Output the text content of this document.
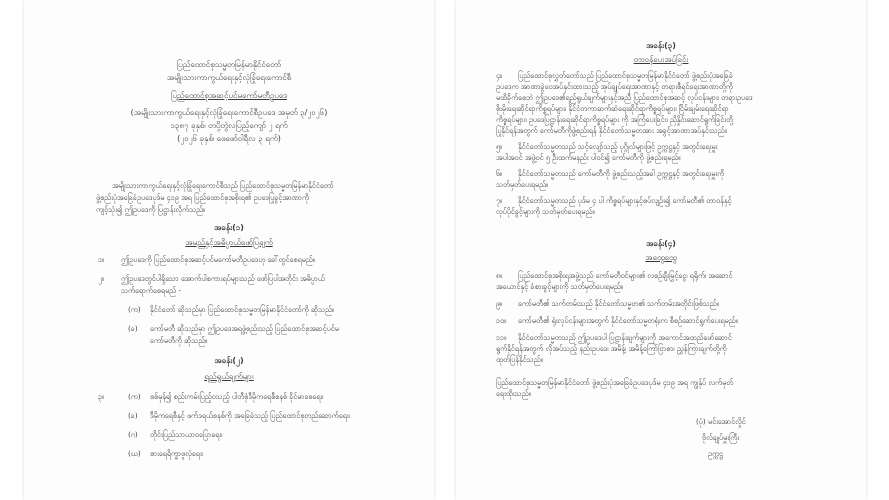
ပြည်ထောင်စုသမ္မတမြန်မာနိုင်ငံတော်
အမျိုးသားကာကွယ်ရေးနှင့်လုံခြုံရေးကောင်စီ
ပြည်ထောင်စုအဆင့်ပင်မကော်မတီဥပဒေ
(အမျိုးသားကာကွယ်ရေးနှင့်လုံခြုံရေးကောင်စီဥပဒေ အမှတ် ၃/၂၀၂၆)
၁၃၈၇ ခုနှစ်၊ တပို့တွဲလပြည့်ကျော် ၂ ရက်
(၂၀၂၆ ခုနှစ်၊ ဖေဖော်ဝါရီလ ၃ ရက်)
အမျိုးသားကာကွယ်ရေးနှင့်လုံခြုံရေးကောင်စီသည် ပြည်ထောင်စုသမ္မတမြန်မာနိုင်ငံတော်
ဖွဲ့စည်းပုံအခြေခံဥပဒေပုဒ်မ ၄၁၉ အရ ပြည်ထောင်စုအစိုးရ၏ ဥပဒေပြုခွင့်အာဏာကို
ကျင့်သုံး၍ ဤဥပဒေကို ပြဋ္ဌာန်းလိုက်သည်။
အခန်း(၁)
အမည်နှင့်အဓိပ္ပာယ်ဖော်ပြချက်
၁။ ဤဥပဒေကို ပြည်ထောင်စုအဆင့်ပင်မကော်မတီဥပဒေဟု ခေါ်တွင်စေရမည်။
၂။ ဤဥပဒေတွင်ပါရှိသော အောက်ပါစကားရပ်များသည် ဖော်ပြပါအတိုင်း အဓိပ္ပာယ်
သက်ရောက်စေရမည် -
(က) နိုင်ငံတော် ဆိုသည်မှာ ပြည်ထောင်စုသမ္မတမြန်မာနိုင်ငံတော်ကို ဆိုသည်။
(ခ) ကော်မတီ ဆိုသည်မှာ ဤဥပဒေအရဖွဲ့စည်းသည့် ပြည်ထောင်စုအဆင့်ပင်မ
ကော်မတီကို ဆိုသည်။
အခန်း(၂)
ရည်ရွယ်ချက်များ
၃။	(က) စစ်မှန်၍ စည်းကမ်းပြည့်ဝသည့် ပါတီစုံဒီမိုကရေစီစနစ် ခိုင်မာစေရေး၊
(ခ) ဒီမိုကရေစီနှင့် ဖက်ဒရယ်စနစ်ကို အခြေခံသည့် ပြည်ထောင်စုတည်ဆောက်ရေး၊
(ဂ) တိုင်းပြည်သာယာဝပြောရေး၊
(ဃ) စားရေရိက္ခာဖူလုံရေး၊
အခန်း(၃)
တာဝန်ပေးအပ်ခြင်း
၄။ ပြည်ထောင်စုလွှတ်တော်သည် ပြည်ထောင်စုသမ္မတမြန်မာနိုင်ငံတော် ဖွဲ့စည်းပုံအခြေခံ
ဥပဒေက အာဏာခွဲဝေအပ်နှင်းထားသည့် အုပ်ချုပ်ရေးအာဏာနှင့် တရားစီရင်ရေးအာဏာတို့ကို
မထိခိုက်စေဘဲ ဤဥပဒေ၏ရည်ရွယ်ချက်များနှင့်အညီ ပြည်ထောင်စုအဆင့် လုပ်ငန်းများ၊ တရားဥပဒေ
စိုးမိုးရေးဆိုင်ရာကိစ္စရပ်များ၊ နိုင်ငံတကာဆက်ဆံရေးဆိုင်ရာကိစ္စရပ်များ၊ ငြိမ်းချမ်းရေးဆိုင်ရာ
ကိစ္စရပ်များ၊ ဥပဒေပြဋ္ဌာန်းရေးဆိုင်ရာကိစ္စရပ်များ ကို အကြံပေးခြင်း၊ ညှိနှိုင်းဆောင်ရွက်ခြင်းတို့
ပြုနိုင်ရန်အတွက် ကော်မတီကိုဖွဲ့စည်းရန် နိုင်ငံတော်သမ္မတအား အခွင့်အာဏာအပ်နှင်းသည်။
၅။ နိုင်ငံတော်သမ္မတသည် သင့်လျော်သည့် ပုဂ္ဂိုလ်များဖြင့် ဥက္ကဋ္ဌနှင့် အတွင်းရေးမှူး
အပါအဝင် အဖွဲ့ဝင် ၅ ဦးထက်မနည်း ပါဝင်၍ ကော်မတီကို ဖွဲ့စည်းရမည်။
၆။ နိုင်ငံတော်သမ္မတသည် ကော်မတီကို ဖွဲ့စည်းသည့်အခါ ဥက္ကဋ္ဌနှင့် အတွင်းရေးမှူးကို
သတ်မှတ်ပေးရမည်။
၇။ နိုင်ငံတော်သမ္မတသည် ပုဒ်မ ၄ ပါ ကိစ္စရပ်များနှင့်စပ်လျဉ်း၍ ကော်မတီ၏ တာဝန်နှင့်
လုပ်ပိုင်ခွင့်များကို သတ်မှတ်ပေးရမည်။
အခန်း(၄)
အထွေထွေ
၈။ ပြည်ထောင်စုအစိုးရအဖွဲ့သည် ကော်မတီဝင်များ၏ လစဉ်ချီးမြှင့်ငွေ၊ ရရိုက်၊ အဆောင်
အယောင်နှင့် ခံစားခွင့်များကို သတ်မှတ်ပေးရမည်။
၉။ ကော်မတီ၏ သက်တမ်းသည် နိုင်ငံတော်သမ္မတ၏ သက်တမ်းအတိုင်းဖြစ်သည်။
၁၀။ ကော်မတီ၏ ရုံးလုပ်ငန်းများအတွက် နိုင်ငံတော်သမ္မတရုံးက စီစဉ်ဆောင်ရွက်ပေးရမည်။
၁၁။ နိုင်ငံတော်သမ္မတသည် ဤဥပဒေပါ ပြဋ္ဌာန်းချက်များကို အကောင်အထည်ဖော်ဆောင်
ရွက်နိုင်ရန်အတွက် လိုအပ်သည့် နည်းဥပဒေ၊ အမိန့်၊ အမိန့်ကြော်ငြာစာ၊ ညွှန်ကြားချက်တို့ကို
ထုတ်ပြန်နိုင်သည်။
ပြည်ထောင်စုသမ္မတမြန်မာနိုင်ငံတော် ဖွဲ့စည်းပုံအခြေခံဥပဒေပုဒ်မ ၄၁၉ အရ ကျွန်ုပ် လက်မှတ်
ရေးထိုးသည်။
(ပုံ) မင်းအောင်လှိုင်
ဗိုလ်ချုပ်မှူးကြီး
ဥက္ကဋ္ဌ
